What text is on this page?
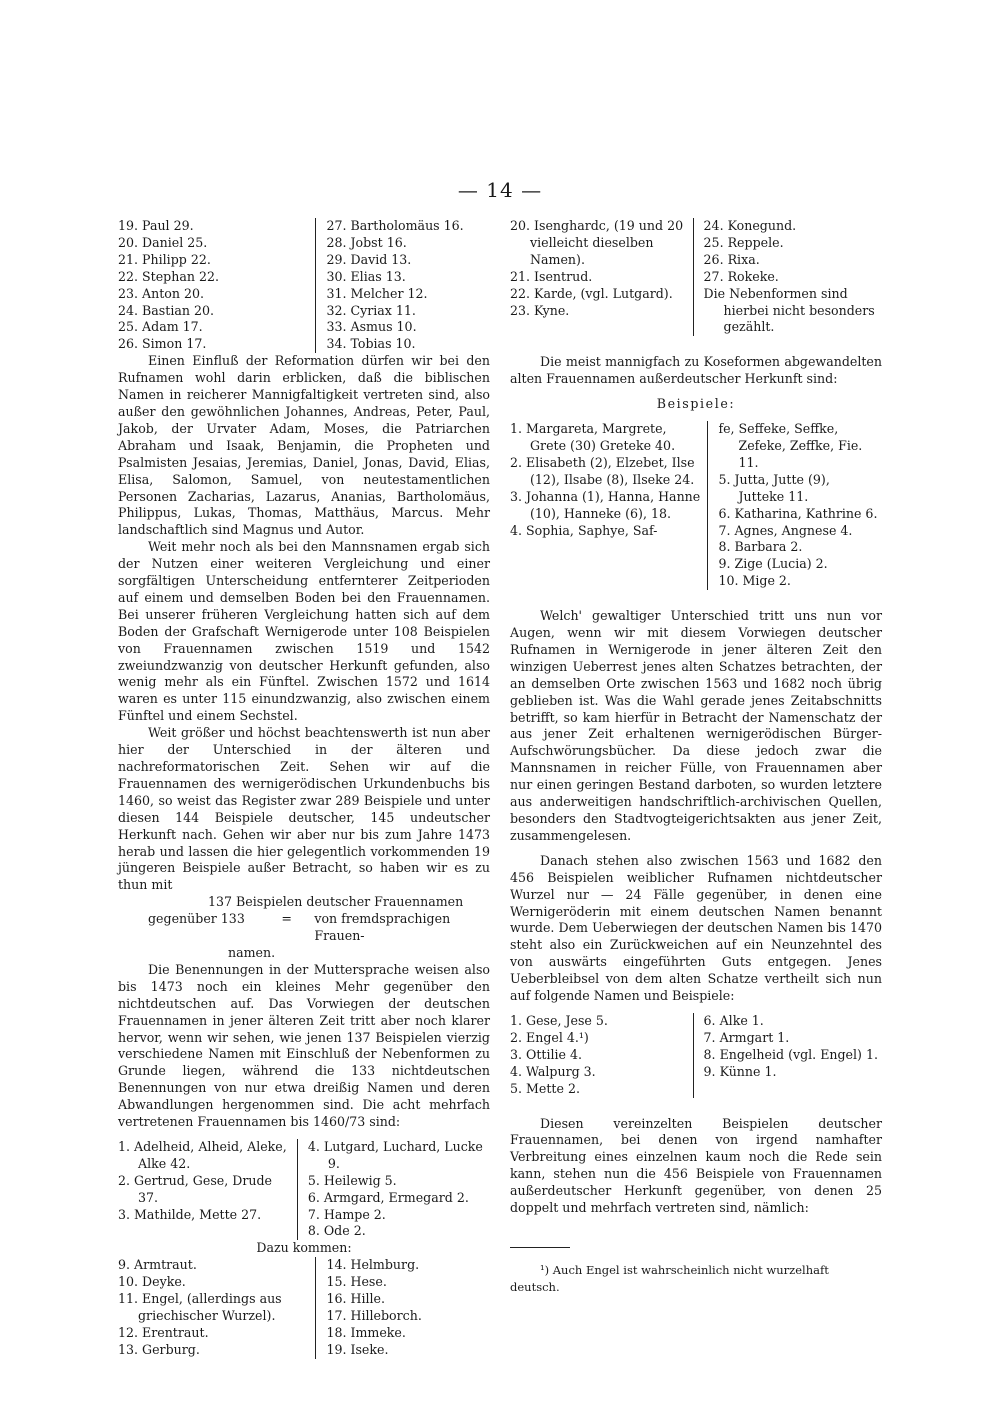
— 14 —
19. Paul 29.
20. Daniel 25.
21. Philipp 22.
22. Stephan 22.
23. Anton 20.
24. Bastian 20.
25. Adam 17.
26. Simon 17.

27. Bartholomäus 16.
28. Jobst 16.
29. David 13.
30. Elias 13.
31. Melcher 12.
32. Cyriax 11.
33. Asmus 10.
34. Tobias 10.

Einen Einfluß der Reformation dürfen wir bei den Rufnamen wohl darin erblicken, daß die biblischen Namen in reicherer Mannigfaltigkeit vertreten sind, also außer den gewöhnlichen Johannes, Andreas, Peter, Paul, Jakob, der Urvater Adam, Moses, die Patriarchen Abraham und Isaak, Benjamin, die Propheten und Psalmisten Jesaias, Jeremias, Daniel, Jonas, David, Elias, Elisa, Salomon, Samuel, von neutestamentlichen Personen Zacharias, Lazarus, Ananias, Bartholomäus, Philippus, Lukas, Thomas, Matthäus, Marcus. Mehr landschaftlich sind Magnus und Autor.

Weit mehr noch als bei den Mannsnamen ergab sich der Nutzen einer weiteren Vergleichung und einer sorgfältigen Unterscheidung entfernterer Zeitperioden auf einem und demselben Boden bei den Frauennamen. Bei unserer früheren Vergleichung hatten sich auf dem Boden der Grafschaft Wernigerode unter 108 Beispielen von Frauennamen zwischen 1519 und 1542 zweiundzwanzig von deutscher Herkunft gefunden, also wenig mehr als ein Fünftel. Zwischen 1572 und 1614 waren es unter 115 einundzwanzig, also zwischen einem Fünftel und einem Sechstel.

Weit größer und höchst beachtenswerth ist nun aber hier der Unterschied in der älteren und nachreformatorischen Zeit. Sehen wir auf die Frauennamen des wernigerödischen Urkundenbuchs bis 1460, so weist das Register zwar 289 Beispiele und unter diesen 144 Beispiele deutscher, 145 undeutscher Herkunft nach. Gehen wir aber nur bis zum Jahre 1473 herab und lassen die hier gelegentlich vorkommenden 19 jüngeren Beispiele außer Betracht, so haben wir es zu thun mit

137 Beispielen deutscher Frauennamen
gegenüber 133	=	von fremdsprachigen Frauen-
namen.

Die Benennungen in der Muttersprache weisen also bis 1473 noch ein kleines Mehr gegenüber den nichtdeutschen auf. Das Vorwiegen der deutschen Frauennamen in jener älteren Zeit tritt aber noch klarer hervor, wenn wir sehen, wie jenen 137 Beispielen vierzig verschiedene Namen mit Einschluß der Nebenformen zu Grunde liegen, während die 133 nichtdeutschen Benennungen von nur etwa dreißig Namen und deren Abwandlungen hergenommen sind. Die acht mehrfach vertretenen Frauennamen bis 1460/73 sind:

1. Adelheid, Alheid, Aleke, Alke 42.
2. Gertrud, Gese, Drude 37.
3. Mathilde, Mette 27.

4. Lutgard, Luchard, Lucke 9.
5. Heilewig 5.
6. Armgard, Ermegard 2.
7. Hampe 2.
8. Ode 2.

Dazu kommen:

9. Armtraut.
10. Deyke.
11. Engel, (allerdings aus griechischer Wurzel).
12. Erentraut.
13. Gerburg.

14. Helmburg.
15. Hese.
16. Hille.
17. Hilleborch.
18. Immeke.
19. Iseke.
20. Isenghardc, (19 und 20 vielleicht dieselben Namen).
21. Isentrud.
22. Karde, (vgl. Lutgard).
23. Kyne.

24. Konegund.
25. Reppele.
26. Rixa.
27. Rokeke.
Die Nebenformen sind hierbei nicht besonders gezählt.

Die meist mannigfach zu Koseformen abgewandelten alten Frauennamen außerdeutscher Herkunft sind:

Beispiele:

1. Margareta, Margrete, Grete (30) Greteke 40.
2. Elisabeth (2), Elzebet, Ilse (12), Ilsabe (8), Ilseke 24.
3. Johanna (1), Hanna, Hanne (10), Hanneke (6), 18.
4. Sophia, Saphye, Saf-

fe, Seffeke, Seffke, Zefeke, Zeffke, Fie. 11.
5. Jutta, Jutte (9), Jutteke 11.
6. Katharina, Kathrine 6.
7. Agnes, Angnese 4.
8. Barbara 2.
9. Zige (Lucia) 2.
10. Mige 2.

Welch' gewaltiger Unterschied tritt uns nun vor Augen, wenn wir mit diesem Vorwiegen deutscher Rufnamen in Wernigerode in jener älteren Zeit den winzigen Ueberrest jenes alten Schatzes betrachten, der an demselben Orte zwischen 1563 und 1682 noch übrig geblieben ist. Was die Wahl gerade jenes Zeitabschnitts betrifft, so kam hierfür in Betracht der Namenschatz der aus jener Zeit erhaltenen wernigerödischen Bürger-Aufschwörungsbücher. Da diese jedoch zwar die Mannsnamen in reicher Fülle, von Frauennamen aber nur einen geringen Bestand darboten, so wurden letztere aus anderweitigen handschriftlich-archivischen Quellen, besonders den Stadtvogteigerichtsakten aus jener Zeit, zusammengelesen.

Danach stehen also zwischen 1563 und 1682 den 456 Beispielen weiblicher Rufnamen nichtdeutscher Wurzel nur — 24 Fälle gegenüber, in denen eine Wernigeröderin mit einem deutschen Namen benannt wurde. Dem Ueberwiegen der deutschen Namen bis 1470 steht also ein Zurückweichen auf ein Neunzehntel des von auswärts eingeführten Guts entgegen. Jenes Ueberbleibsel von dem alten Schatze vertheilt sich nun auf folgende Namen und Beispiele:

1. Gese, Jese 5.
2. Engel 4.¹)
3. Ottilie 4.
4. Walpurg 3.
5. Mette 2.

6. Alke 1.
7. Armgart 1.
8. Engelheid (vgl. Engel) 1.
9. Künne 1.

Diesen vereinzelten Beispielen deutscher Frauennamen, bei denen von irgend namhafter Verbreitung eines einzelnen kaum noch die Rede sein kann, stehen nun die 456 Beispiele von Frauennamen außerdeutscher Herkunft gegenüber, von denen 25 doppelt und mehrfach vertreten sind, nämlich:

¹) Auch Engel ist wahrscheinlich nicht wurzelhaft deutsch.
